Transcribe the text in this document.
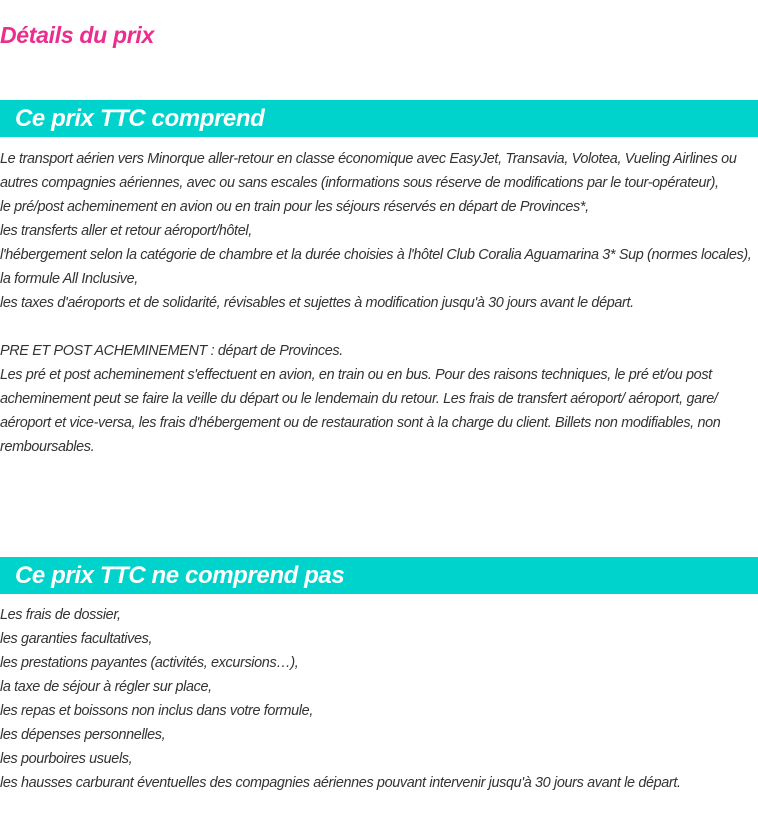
Détails du prix
Ce prix TTC comprend
Le transport aérien vers Minorque aller-retour en classe économique avec EasyJet, Transavia, Volotea, Vueling Airlines ou autres compagnies aériennes, avec ou sans escales (informations sous réserve de modifications par le tour-opérateur),
le pré/post acheminement en avion ou en train pour les séjours réservés en départ de Provinces*,
les transferts aller et retour aéroport/hôtel,
l'hébergement selon la catégorie de chambre et la durée choisies à l'hôtel Club Coralia Aguamarina 3* Sup (normes locales),
la formule All Inclusive,
les taxes d'aéroports et de solidarité, révisables et sujettes à modification jusqu'à 30 jours avant le départ.
PRE ET POST ACHEMINEMENT : départ de Provinces.
Les pré et post acheminement s'effectuent en avion, en train ou en bus. Pour des raisons techniques, le pré et/ou post acheminement peut se faire la veille du départ ou le lendemain du retour. Les frais de transfert aéroport/ aéroport, gare/ aéroport et vice-versa, les frais d'hébergement ou de restauration sont à la charge du client. Billets non modifiables, non remboursables.
Ce prix TTC ne comprend pas
Les frais de dossier,
les garanties facultatives,
les prestations payantes (activités, excursions…),
la taxe de séjour à régler sur place,
les repas et boissons non inclus dans votre formule,
les dépenses personnelles,
les pourboires usuels,
les hausses carburant éventuelles des compagnies aériennes pouvant intervenir jusqu'à 30 jours avant le départ.
